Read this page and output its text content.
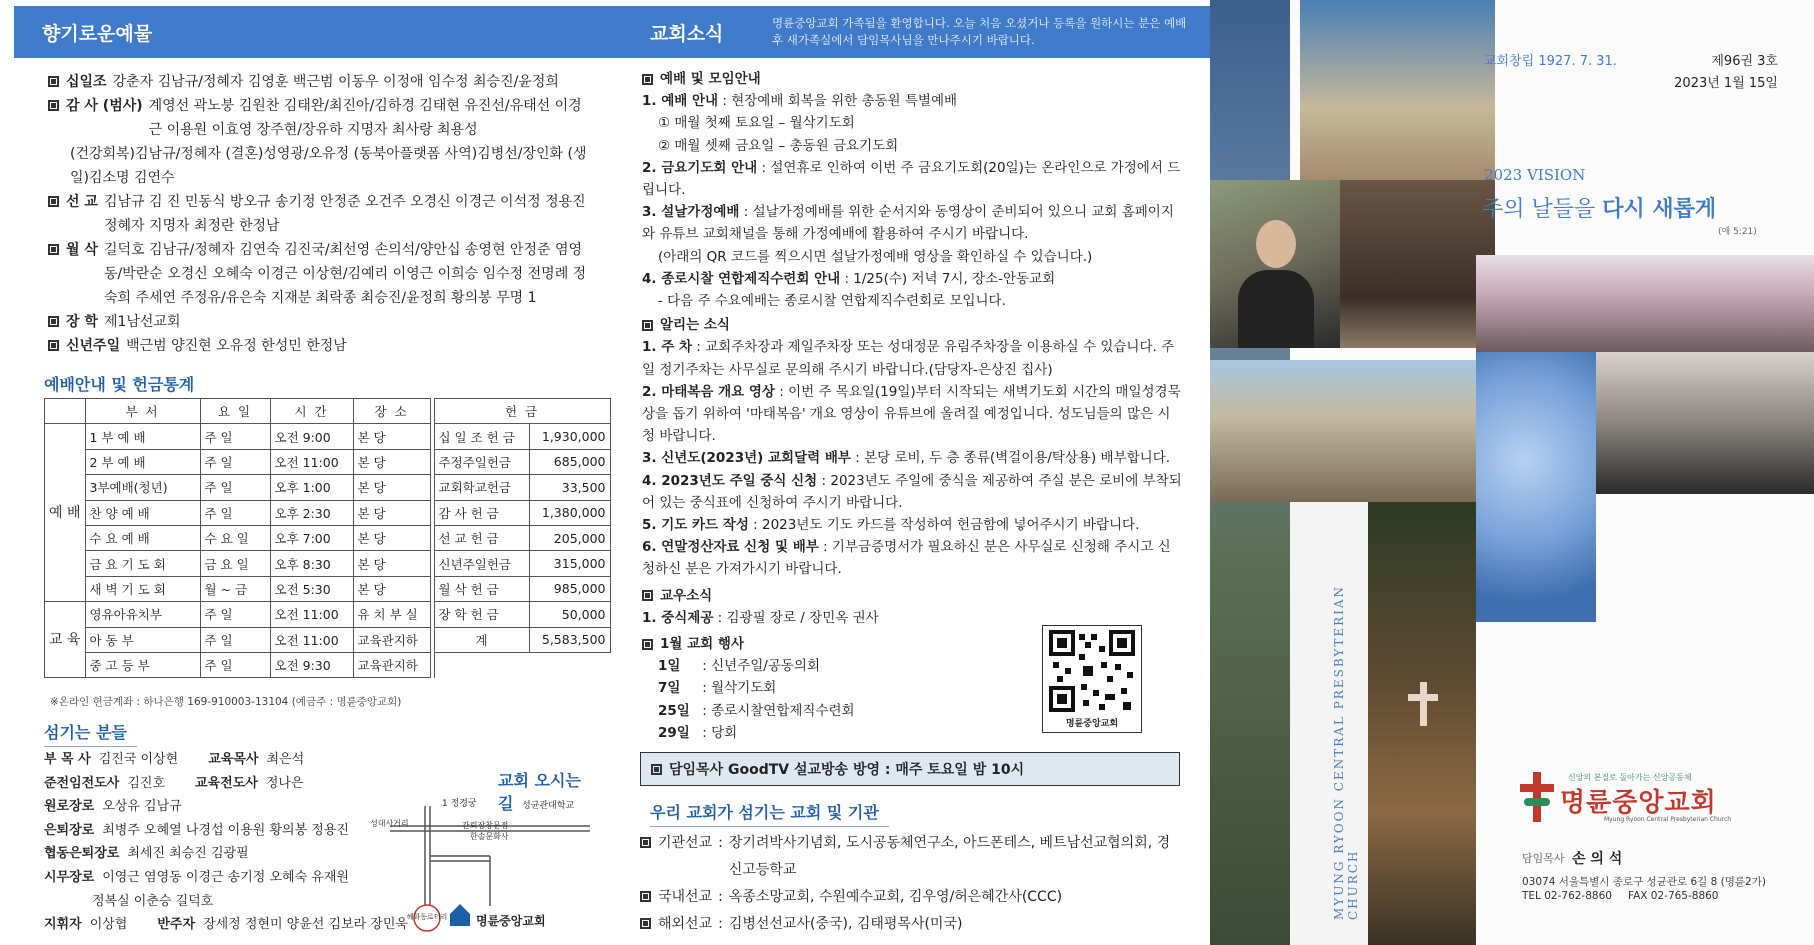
향기로운예물
십일조 강춘자 김남규/정혜자 김영훈 백근범 이동우 이정애 임수정 최승진/윤정희
감 사 (범사) 계영선 곽노붕 김원찬 김태완/최진아/김하경 김태현 유진선/유태선 이경근 이용원 이효영 장주현/장유하 지명자 최사랑 최용성
(건강회복)김남규/정혜자 (결혼)성영광/오유정 (동북아플랫폼 사역)김병선/장인화 (생일)김소명 김연수
선 교 김남규 김 진 민동식 방오규 송기정 안정준 오건주 오경신 이경근 이석정 정용진 정혜자 지명자 최정란 한정남
월 삭 길덕호 김남규/정혜자 김연숙 김진국/최선영 손의석/양안십 송영현 안정준 염영동/박란순 오경신 오혜숙 이경근 이상현/김예리 이영근 이희승 임수정 전명례 정숙희 주세연 주정유/유은숙 지재분 최락종 최승진/윤정희 황의봉 무명 1
장 학 제1남선교회
신년주일 백근범 양진현 오유정 한성민 한정남
예배안내 및 헌금통계
	부 서	요 일	시 간	장 소		헌 금	
예 배	1 부 예 배	주 일	오전 9:00	본 당		십 일 조 헌 금	1,930,000
	2 부 예 배	주 일	오전 11:00	본 당		주정주일헌금	685,000
	3부예배(청년)	주 일	오후 1:00	본 당		교회학교헌금	33,500
	찬 양 예 배	주 일	오후 2:30	본 당		감 사 헌 금	1,380,000
	수 요 예 배	수 요 일	오후 7:00	본 당		선 교 헌 금	205,000
	금 요 기 도 회	금 요 일	오후 8:30	본 당		신년주일헌금	315,000
	새 벽 기 도 회	월 ~ 금	오전 5:30	본 당		월 삭 헌 금	985,000
교 육	영유아유치부	주 일	오전 11:00	유 치 부 실		장 학 헌 금	50,000
	아 동 부	주 일	오전 11:00	교육관지하		계	5,583,500
	중 고 등 부	주 일	오전 9:30	교육관지하			
※온라인 헌금계좌 : 하나은행 169-910003-13104 (예금주 : 명륜중앙교회)
섬기는 분들
부 목 사 김진국 이상현 교육목사 최은석
준전임전도사 김진호 교육전도사 정나은
원로장로 오상유 김남규
은퇴장로 최병주 오혜열 나경섭 이용원 황의봉 정용진
협동은퇴장로 최세진 최승진 김광필
시무장로 이영근 염영동 이경근 송기정 오혜숙 유재원
정복실 이춘승 길덕호
지휘자 이상협 반주자 장세정 정현미 양윤선 김보라 장민욱
교회 오시는 길
1 정경궁	성균관대학교
성대사거리	간뢰장창문점
한솔문화사
혜화동로터리 명륜중앙교회
교회소식	명륜중앙교회 가족됨을 환영합니다. 오늘 처음 오셨거나 등록을 원하시는 분은 예배 후 새가족실에서 담임목사님을 만나주시기 바랍니다.
예배 및 모임안내
1. 예배 안내 : 현장예배 회복을 위한 총동원 특별예배
① 매월 첫째 토요일 – 월삭기도회
② 매월 셋째 금요일 – 총동원 금요기도회
2. 금요기도회 안내 : 설연휴로 인하여 이번 주 금요기도회(20일)는 온라인으로 가정에서 드립니다.
3. 설날가정예배 : 설날가정예배를 위한 순서지와 동영상이 준비되어 있으니 교회 홈페이지와 유튜브 교회채널을 통해 가정예배에 활용하여 주시기 바랍니다.
(아래의 QR 코드를 찍으시면 설날가정예배 영상을 확인하실 수 있습니다.)
4. 종로시찰 연합제직수련회 안내 : 1/25(수) 저녁 7시, 장소-안동교회
- 다음 주 수요예배는 종로시찰 연합제직수련회로 모입니다.
알리는 소식
1. 주 차 : 교회주차장과 제일주차장 또는 성대정문 유림주차장을 이용하실 수 있습니다. 주일 정기주차는 사무실로 문의해 주시기 바랍니다.(담당자-은상진 집사)
2. 마태복음 개요 영상 : 이번 주 목요일(19일)부터 시작되는 새벽기도회 시간의 매일성경묵상을 돕기 위하여 '마태복음' 개요 영상이 유튜브에 올려질 예정입니다. 성도님들의 많은 시청 바랍니다.
3. 신년도(2023년) 교회달력 배부 : 본당 로비, 두 층 종류(벽걸이용/탁상용) 배부합니다.
4. 2023년도 주일 중식 신청 : 2023년도 주일에 중식을 제공하여 주실 분은 로비에 부착되어 있는 중식표에 신청하여 주시기 바랍니다.
5. 기도 카드 작성 : 2023년도 기도 카드를 작성하여 헌금함에 넣어주시기 바랍니다.
6. 연말정산자료 신청 및 배부 : 기부금증명서가 필요하신 분은 사무실로 신청해 주시고 신청하신 분은 가져가시기 바랍니다.
교우소식
1. 중식제공 : 김광필 장로 / 장민옥 권사
1월 교회 행사
1일 : 신년주일/공동의회
7일 : 월삭기도회
25일 : 종로시찰연합제직수련회
29일 : 당회
명륜중앙교회
담임목사 GoodTV 설교방송 방영 : 매주 토요일 밤 10시
우리 교회가 섬기는 교회 및 기관
기관선교 : 장기려박사기념회, 도시공동체연구소, 아드폰테스, 베트남선교협의회, 경신고등학교
국내선교 : 옥종소망교회, 수원예수교회, 김우영/허은혜간사(CCC)
해외선교 : 김병선선교사(중국), 김태평목사(미국)
MYUNG RYOON CENTRAL PRESBYTERIAN CHURCH
교회창립 1927. 7. 31.	제96권 3호
2023년 1월 15일
2023 VISION
주의 날들을 다시 새롭게
(애 5:21)
신앙의 본질로 돌아가는 신앙공동체
명륜중앙교회
Myung Ryoon Central Presbyterian Church
담임목사 손 의 석
03074 서울특별시 종로구 성균관로 6길 8 (명륜2가)
TEL 02-762-8860 FAX 02-765-8860
